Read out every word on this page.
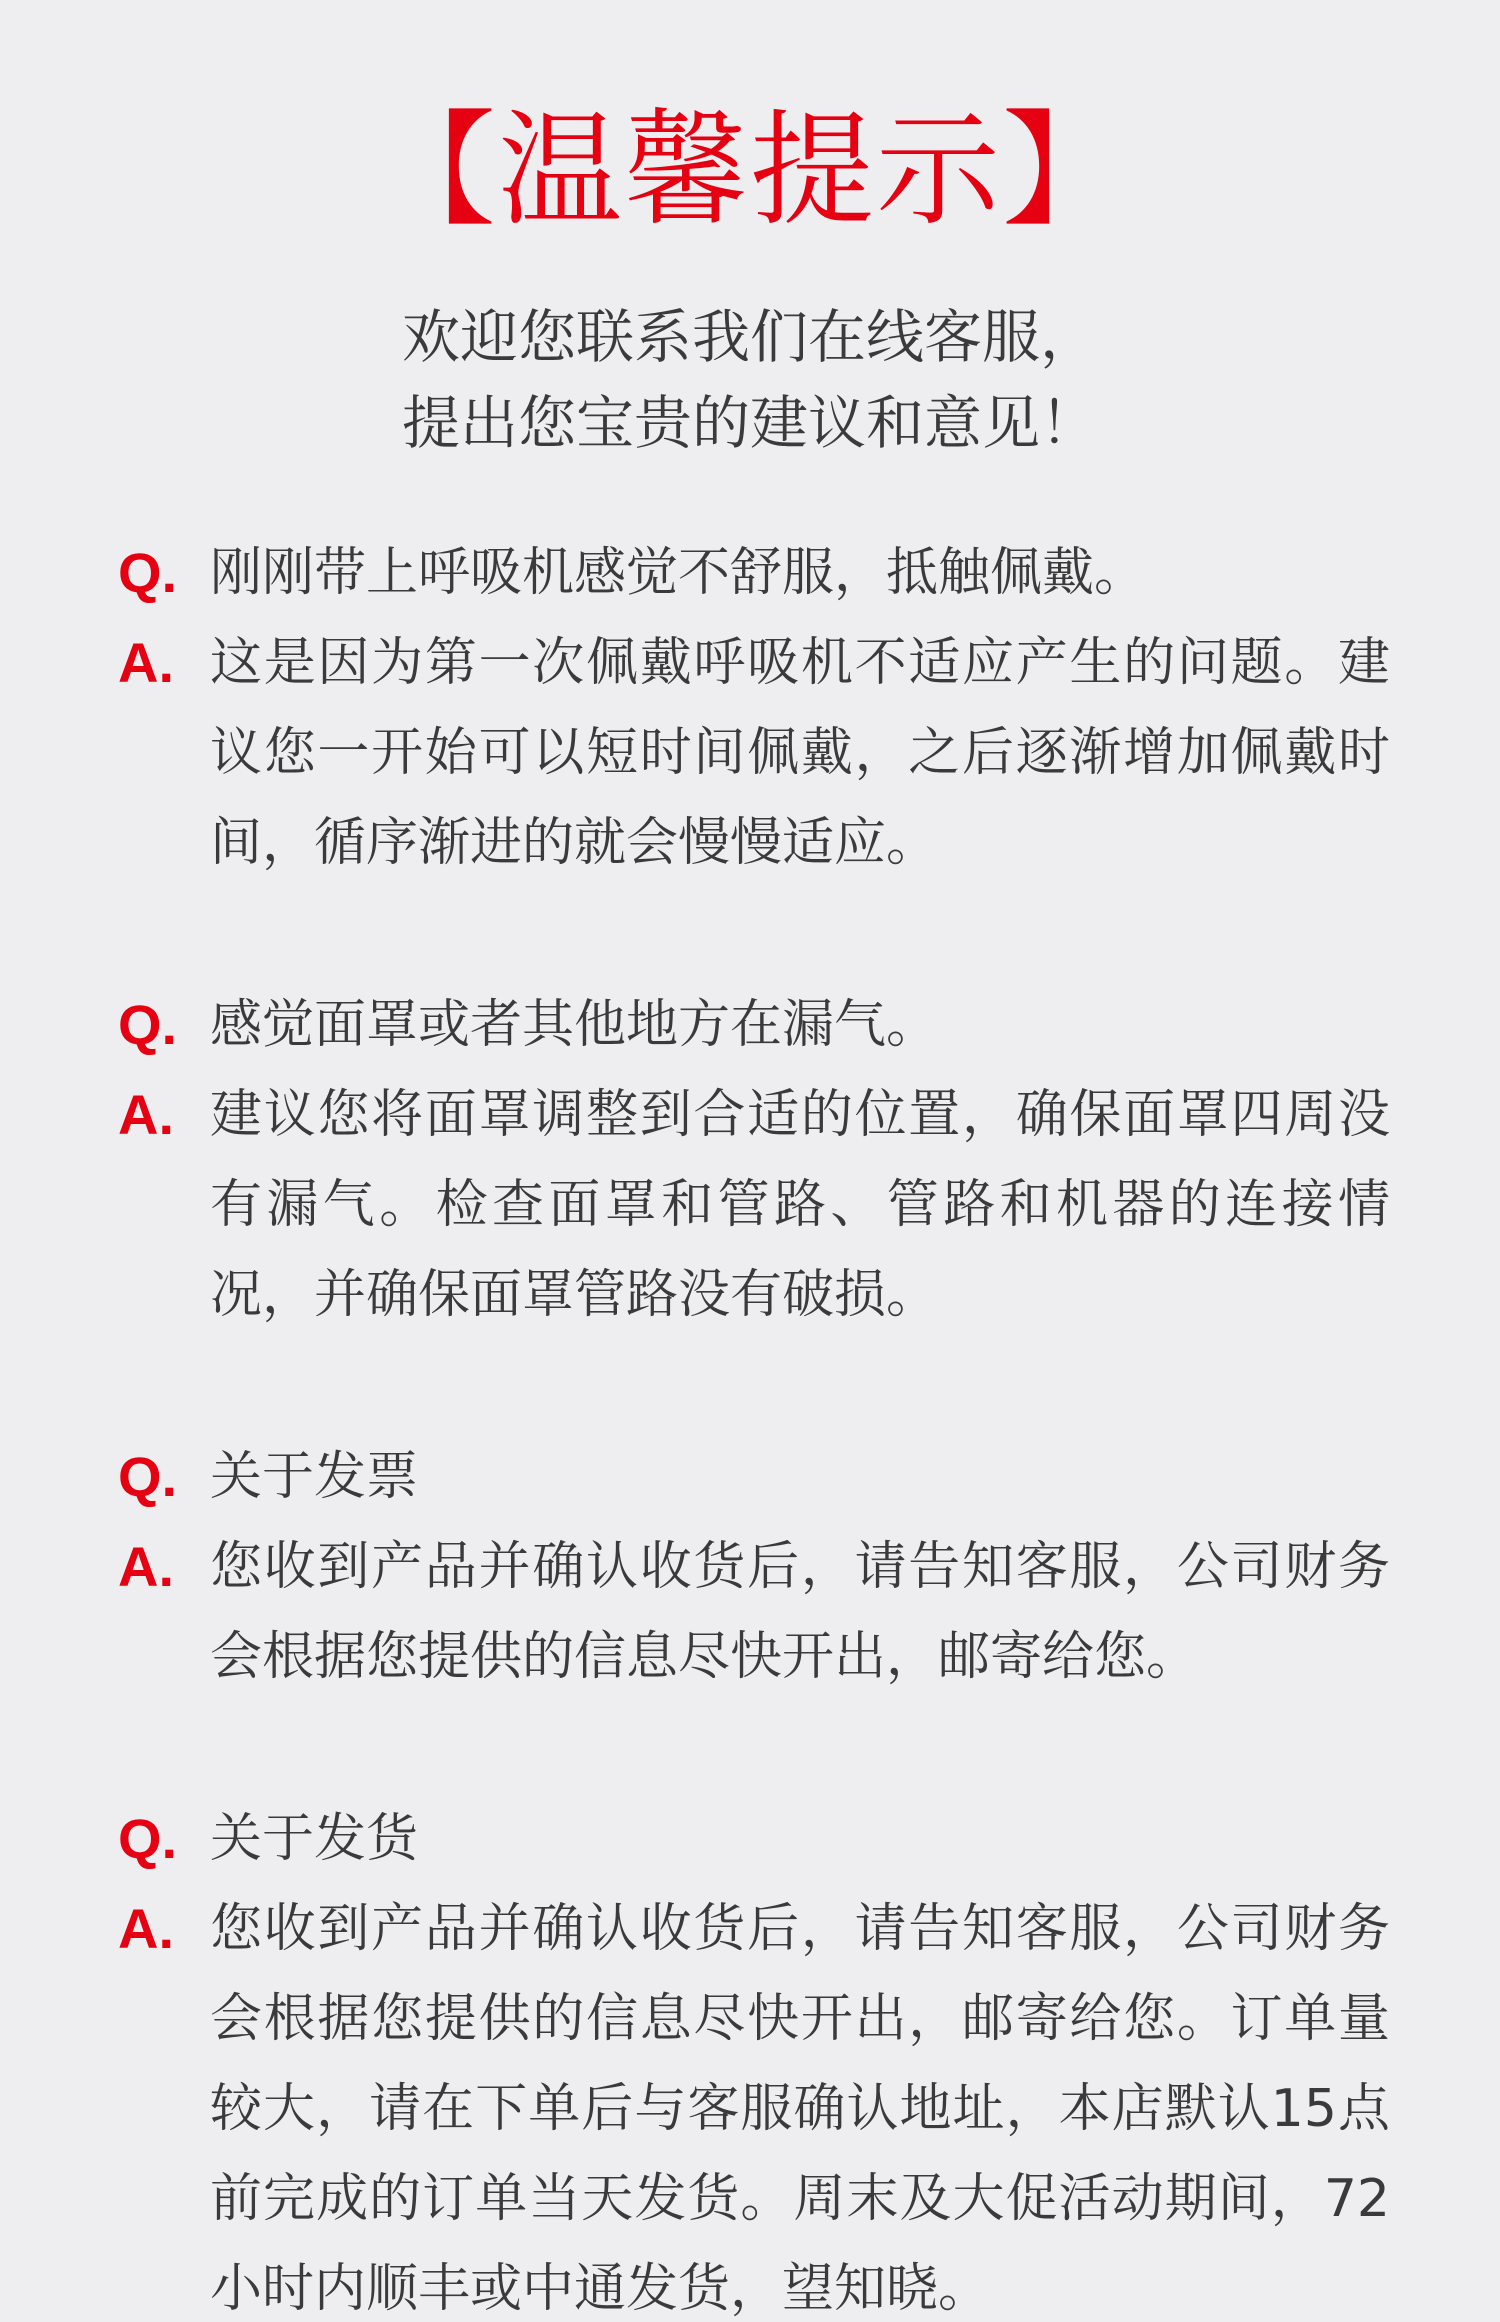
【温馨提示】
欢迎您联系我们在线客服，
提出您宝贵的建议和意见！
Q. 刚刚带上呼吸机感觉不舒服，抵触佩戴。
A. 这是因为第一次佩戴呼吸机不适应产生的问题。建议您一开始可以短时间佩戴，之后逐渐增加佩戴时间，循序渐进的就会慢慢适应。
Q. 感觉面罩或者其他地方在漏气。
A. 建议您将面罩调整到合适的位置，确保面罩四周没有漏气。检查面罩和管路、管路和机器的连接情况，并确保面罩管路没有破损。
Q. 关于发票
A. 您收到产品并确认收货后，请告知客服，公司财务会根据您提供的信息尽快开出，邮寄给您。
Q. 关于发货
A. 您收到产品并确认收货后，请告知客服，公司财务会根据您提供的信息尽快开出，邮寄给您。订单量较大，请在下单后与客服确认地址，本店默认15点前完成的订单当天发货。周末及大促活动期间，72小时内顺丰或中通发货，望知晓。
